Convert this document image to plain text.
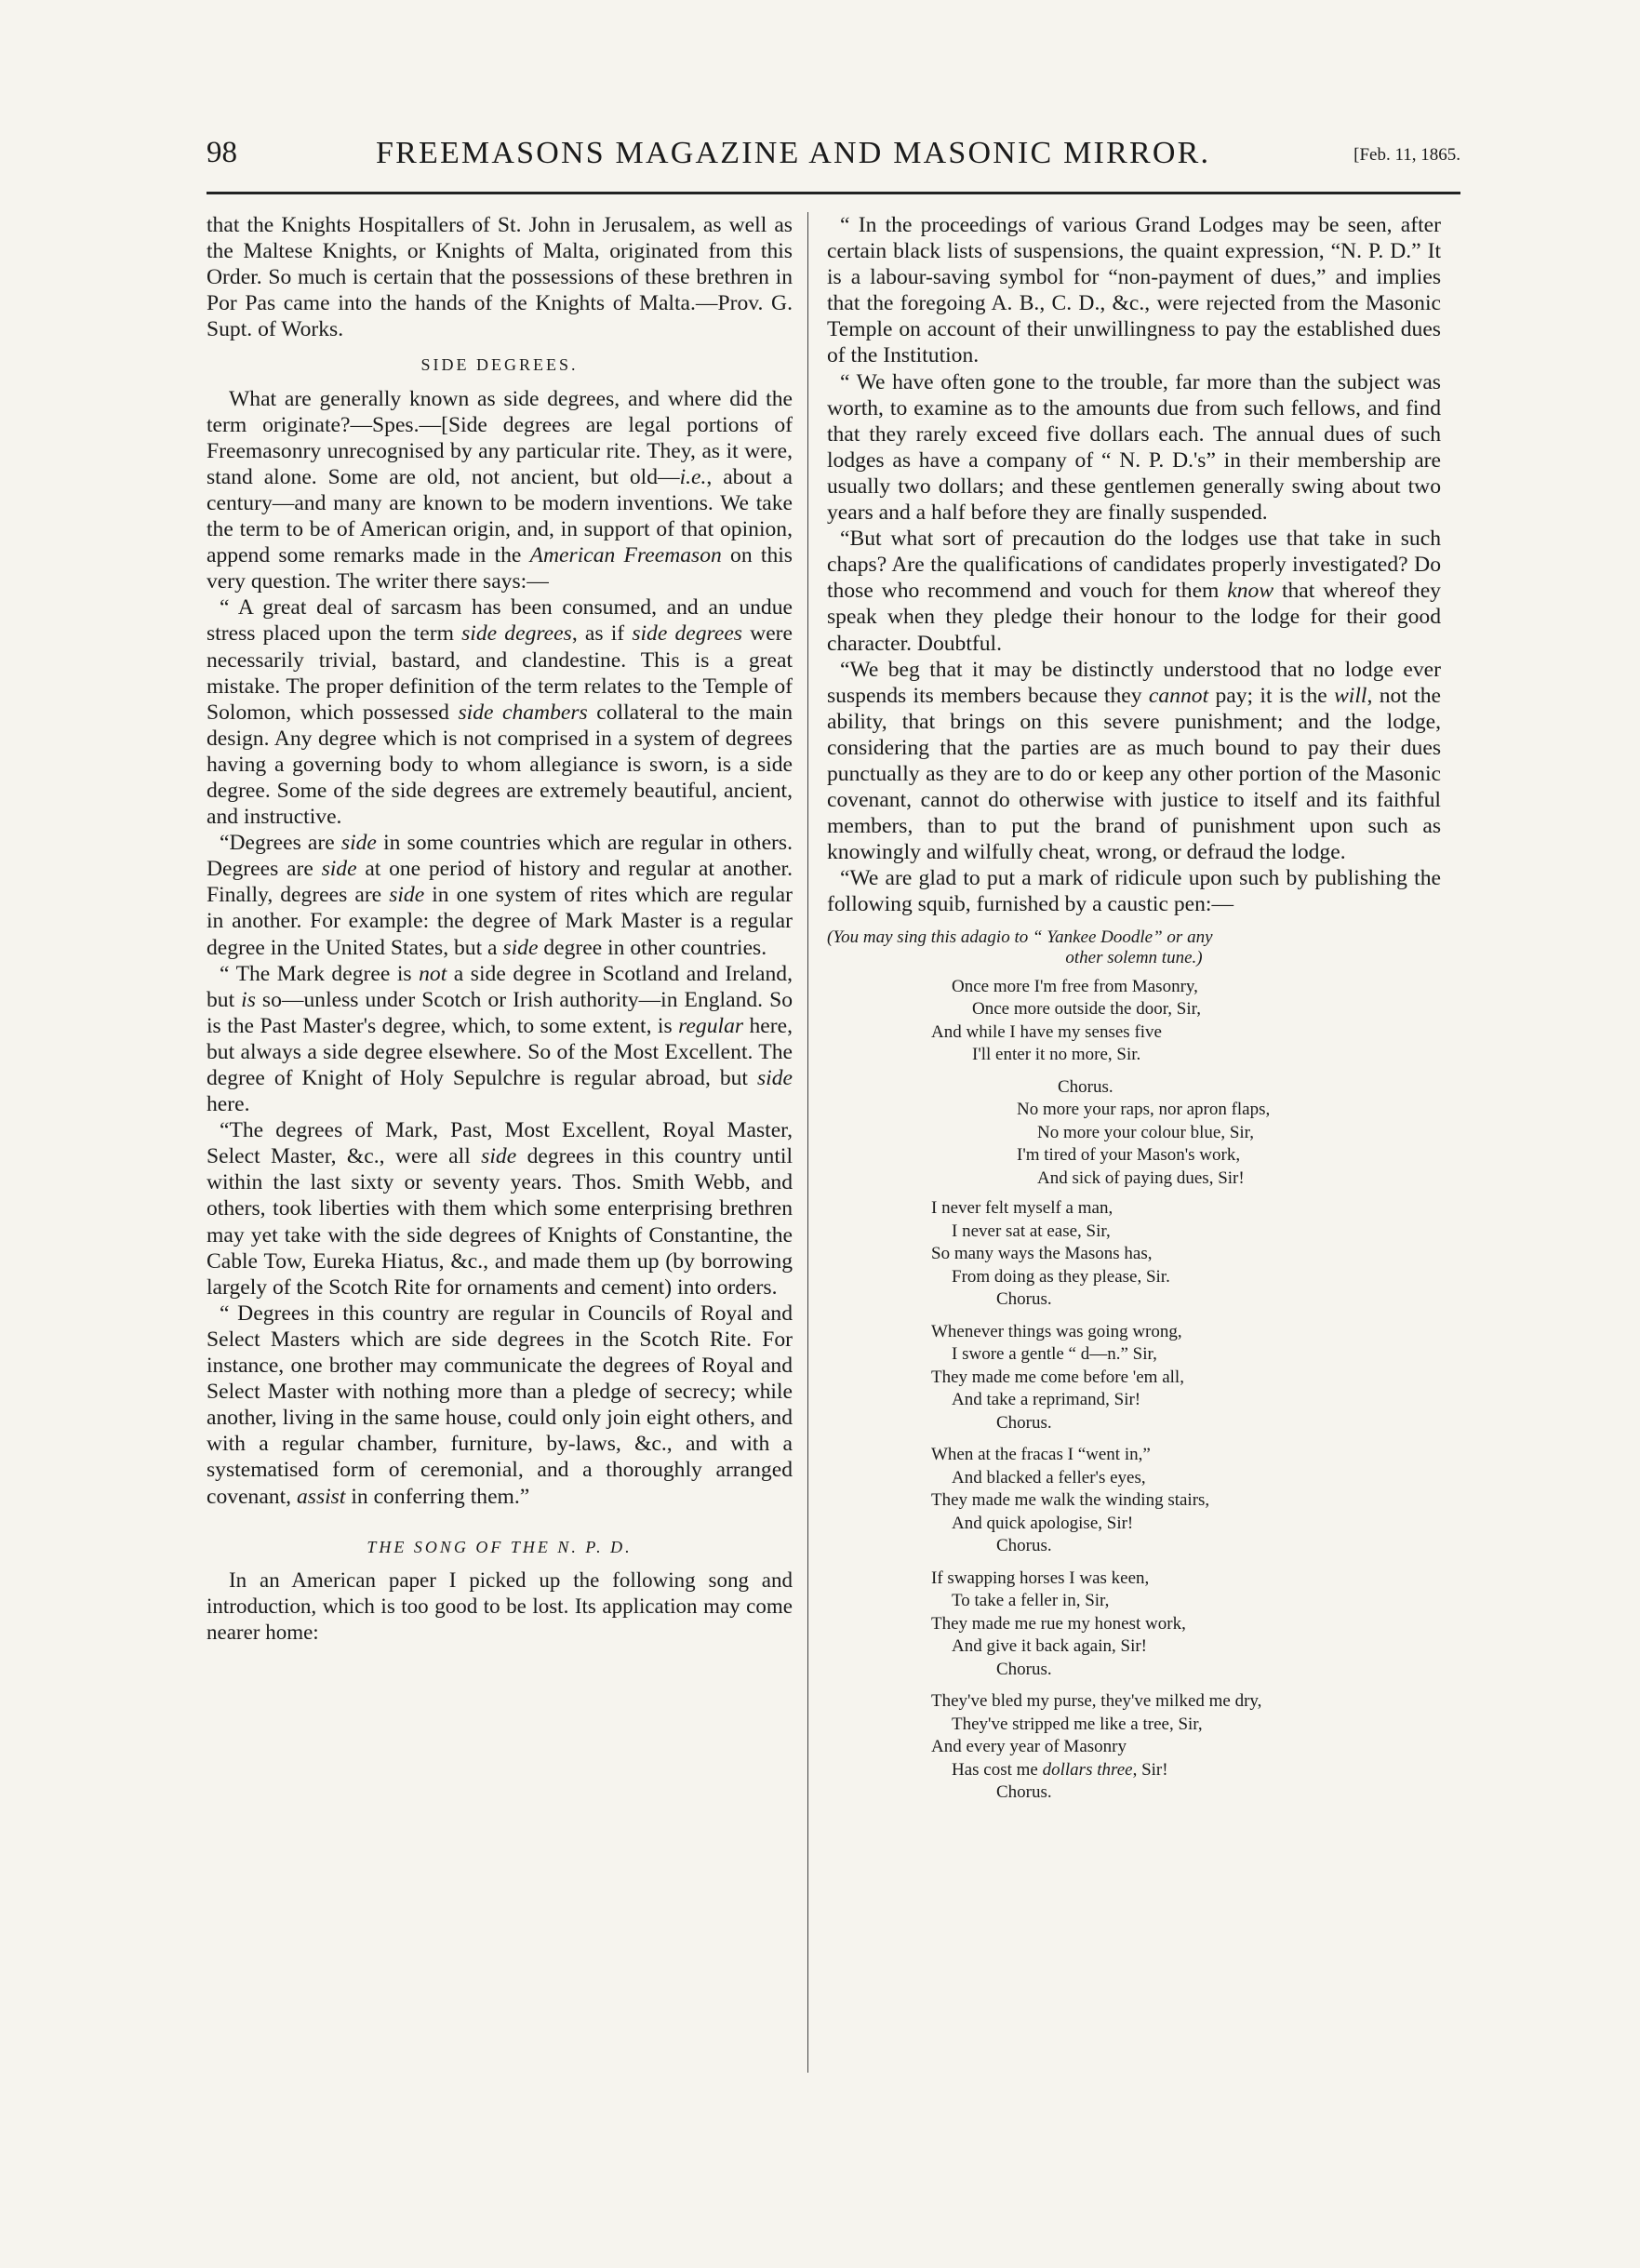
98	FREEMASONS MAGAZINE AND MASONIC MIRROR.	[Feb. 11, 1865.

that the Knights Hospitallers of St. John in Jerusalem, as well as the Maltese Knights, or Knights of Malta, originated from this Order. So much is certain that the possessions of these brethren in Por Pas came into the hands of the Knights of Malta.—Prov. G. Supt. of Works.

SIDE DEGREES.

What are generally known as side degrees, and where did the term originate?—Spes.—[Side degrees are legal portions of Freemasonry unrecognised by any particular rite. They, as it were, stand alone. Some are old, not ancient, but old—i.e., about a century—and many are known to be modern inventions. We take the term to be of American origin, and, in support of that opinion, append some remarks made in the American Freemason on this very question. The writer there says:—

“ A great deal of sarcasm has been consumed, and an undue stress placed upon the term side degrees, as if side degrees were necessarily trivial, bastard, and clandestine. This is a great mistake. The proper definition of the term relates to the Temple of Solomon, which possessed side chambers collateral to the main design. Any degree which is not comprised in a system of degrees having a governing body to whom allegiance is sworn, is a side degree. Some of the side degrees are extremely beautiful, ancient, and instructive.

“Degrees are side in some countries which are regular in others. Degrees are side at one period of history and regular at another. Finally, degrees are side in one system of rites which are regular in another. For example: the degree of Mark Master is a regular degree in the United States, but a side degree in other countries.

“ The Mark degree is not a side degree in Scotland and Ireland, but is so—unless under Scotch or Irish authority—in England. So is the Past Master's degree, which, to some extent, is regular here, but always a side degree elsewhere. So of the Most Excellent. The degree of Knight of Holy Sepulchre is regular abroad, but side here.

“The degrees of Mark, Past, Most Excellent, Royal Master, Select Master, &c., were all side degrees in this country until within the last sixty or seventy years. Thos. Smith Webb, and others, took liberties with them which some enterprising brethren may yet take with the side degrees of Knights of Constantine, the Cable Tow, Eureka Hiatus, &c., and made them up (by borrowing largely of the Scotch Rite for ornaments and cement) into orders.

“ Degrees in this country are regular in Councils of Royal and Select Masters which are side degrees in the Scotch Rite. For instance, one brother may communicate the degrees of Royal and Select Master with nothing more than a pledge of secrecy; while another, living in the same house, could only join eight others, and with a regular chamber, furniture, by-laws, &c., and with a systematised form of ceremonial, and a thoroughly arranged covenant, assist in conferring them.”

THE SONG OF THE N. P. D.

In an American paper I picked up the following song and introduction, which is too good to be lost. Its application may come nearer home:

“ In the proceedings of various Grand Lodges may be seen, after certain black lists of suspensions, the quaint expression, “N. P. D.” It is a labour-saving symbol for “non-payment of dues,” and implies that the foregoing A. B., C. D., &c., were rejected from the Masonic Temple on account of their unwillingness to pay the established dues of the Institution.

“ We have often gone to the trouble, far more than the subject was worth, to examine as to the amounts due from such fellows, and find that they rarely exceed five dollars each. The annual dues of such lodges as have a company of “ N. P. D.'s” in their membership are usually two dollars; and these gentlemen generally swing about two years and a half before they are finally suspended.

“But what sort of precaution do the lodges use that take in such chaps? Are the qualifications of candidates properly investigated? Do those who recommend and vouch for them know that whereof they speak when they pledge their honour to the lodge for their good character. Doubtful.

“We beg that it may be distinctly understood that no lodge ever suspends its members because they cannot pay; it is the will, not the ability, that brings on this severe punishment; and the lodge, considering that the parties are as much bound to pay their dues punctually as they are to do or keep any other portion of the Masonic covenant, cannot do otherwise with justice to itself and its faithful members, than to put the brand of punishment upon such as knowingly and wilfully cheat, wrong, or defraud the lodge.

“We are glad to put a mark of ridicule upon such by publishing the following squib, furnished by a caustic pen:—

(You may sing this adagio to “ Yankee Doodle” or any
other solemn tune.)
Once more I'm free from Masonry,
Once more outside the door, Sir,
And while I have my senses five
I'll enter it no more, Sir.
Chorus.
No more your raps, nor apron flaps,
No more your colour blue, Sir,
I'm tired of your Mason's work,
And sick of paying dues, Sir!
I never felt myself a man,
I never sat at ease, Sir,
So many ways the Masons has,
From doing as they please, Sir.
Chorus.
Whenever things was going wrong,
I swore a gentle “ d—n.” Sir,
They made me come before 'em all,
And take a reprimand, Sir!
Chorus.
When at the fracas I “went in,”
And blacked a feller's eyes,
They made me walk the winding stairs,
And quick apologise, Sir!
Chorus.
If swapping horses I was keen,
To take a feller in, Sir,
They made me rue my honest work,
And give it back again, Sir!
Chorus.
They've bled my purse, they've milked me dry,
They've stripped me like a tree, Sir,
And every year of Masonry
Has cost me dollars three, Sir!
Chorus.
